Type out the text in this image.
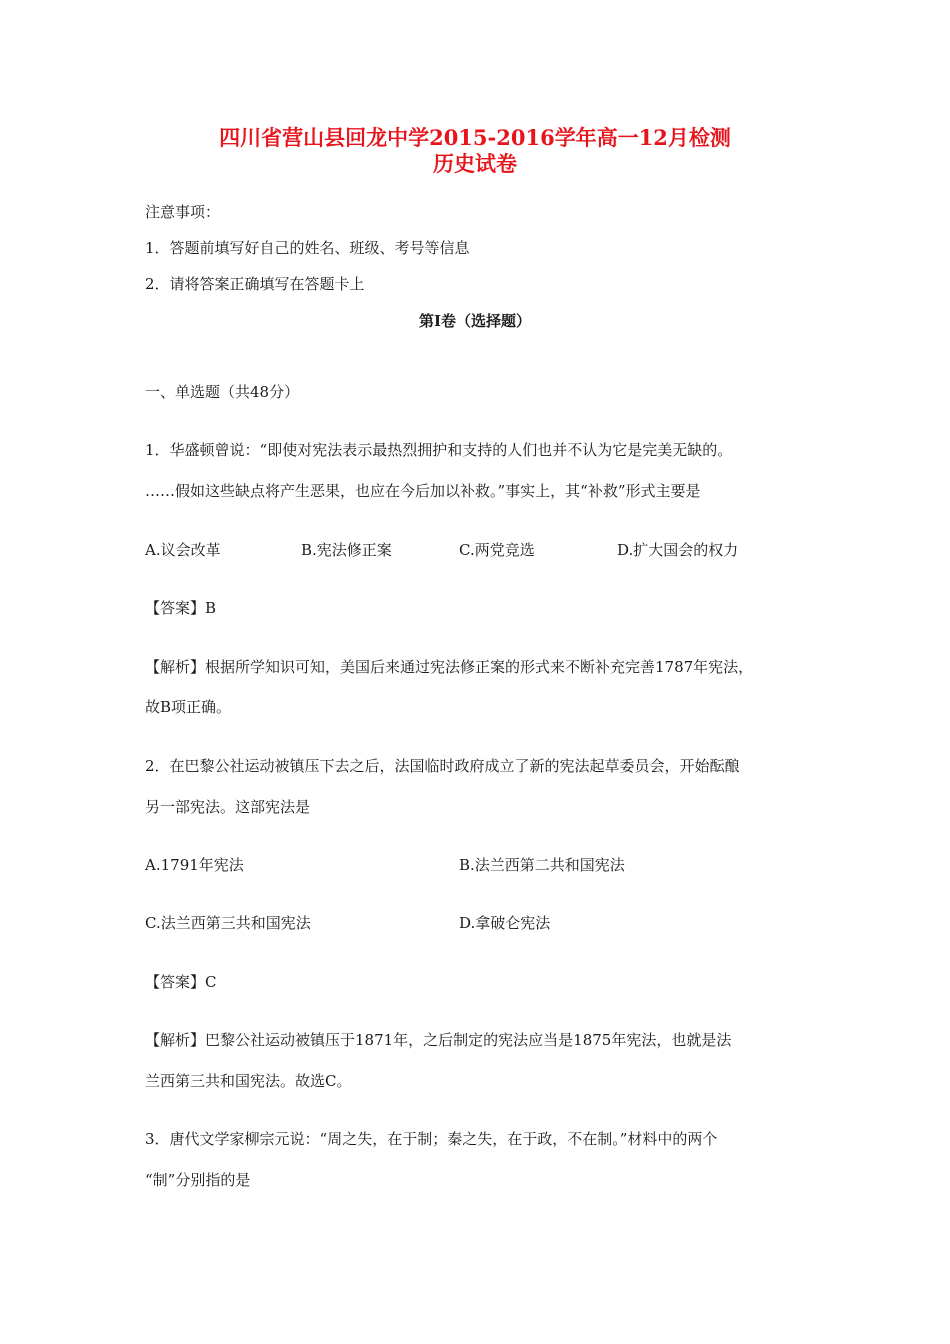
四川省营山县回龙中学2015-2016学年高一12月检测
历史试卷
注意事项：
1．答题前填写好自己的姓名、班级、考号等信息
2．请将答案正确填写在答题卡上
第I卷（选择题）
一、单选题（共48分）
1．华盛顿曾说：“即使对宪法表示最热烈拥护和支持的人们也并不认为它是完美无缺的。
……假如这些缺点将产生恶果，也应在今后加以补救。”事实上，其“补救”形式主要是
A.议会改革	B.宪法修正案	C.两党竞选	D.扩大国会的权力
【答案】B
【解析】根据所学知识可知，美国后来通过宪法修正案的形式来不断补充完善1787年宪法，
故B项正确。
2．在巴黎公社运动被镇压下去之后，法国临时政府成立了新的宪法起草委员会，开始酝酿
另一部宪法。这部宪法是
A.1791年宪法	B.法兰西第二共和国宪法
C.法兰西第三共和国宪法	D.拿破仑宪法
【答案】C
【解析】巴黎公社运动被镇压于1871年，之后制定的宪法应当是1875年宪法，也就是法
兰西第三共和国宪法。故选C。
3．唐代文学家柳宗元说：“周之失，在于制；秦之失，在于政，不在制。”材料中的两个
“制”分别指的是
